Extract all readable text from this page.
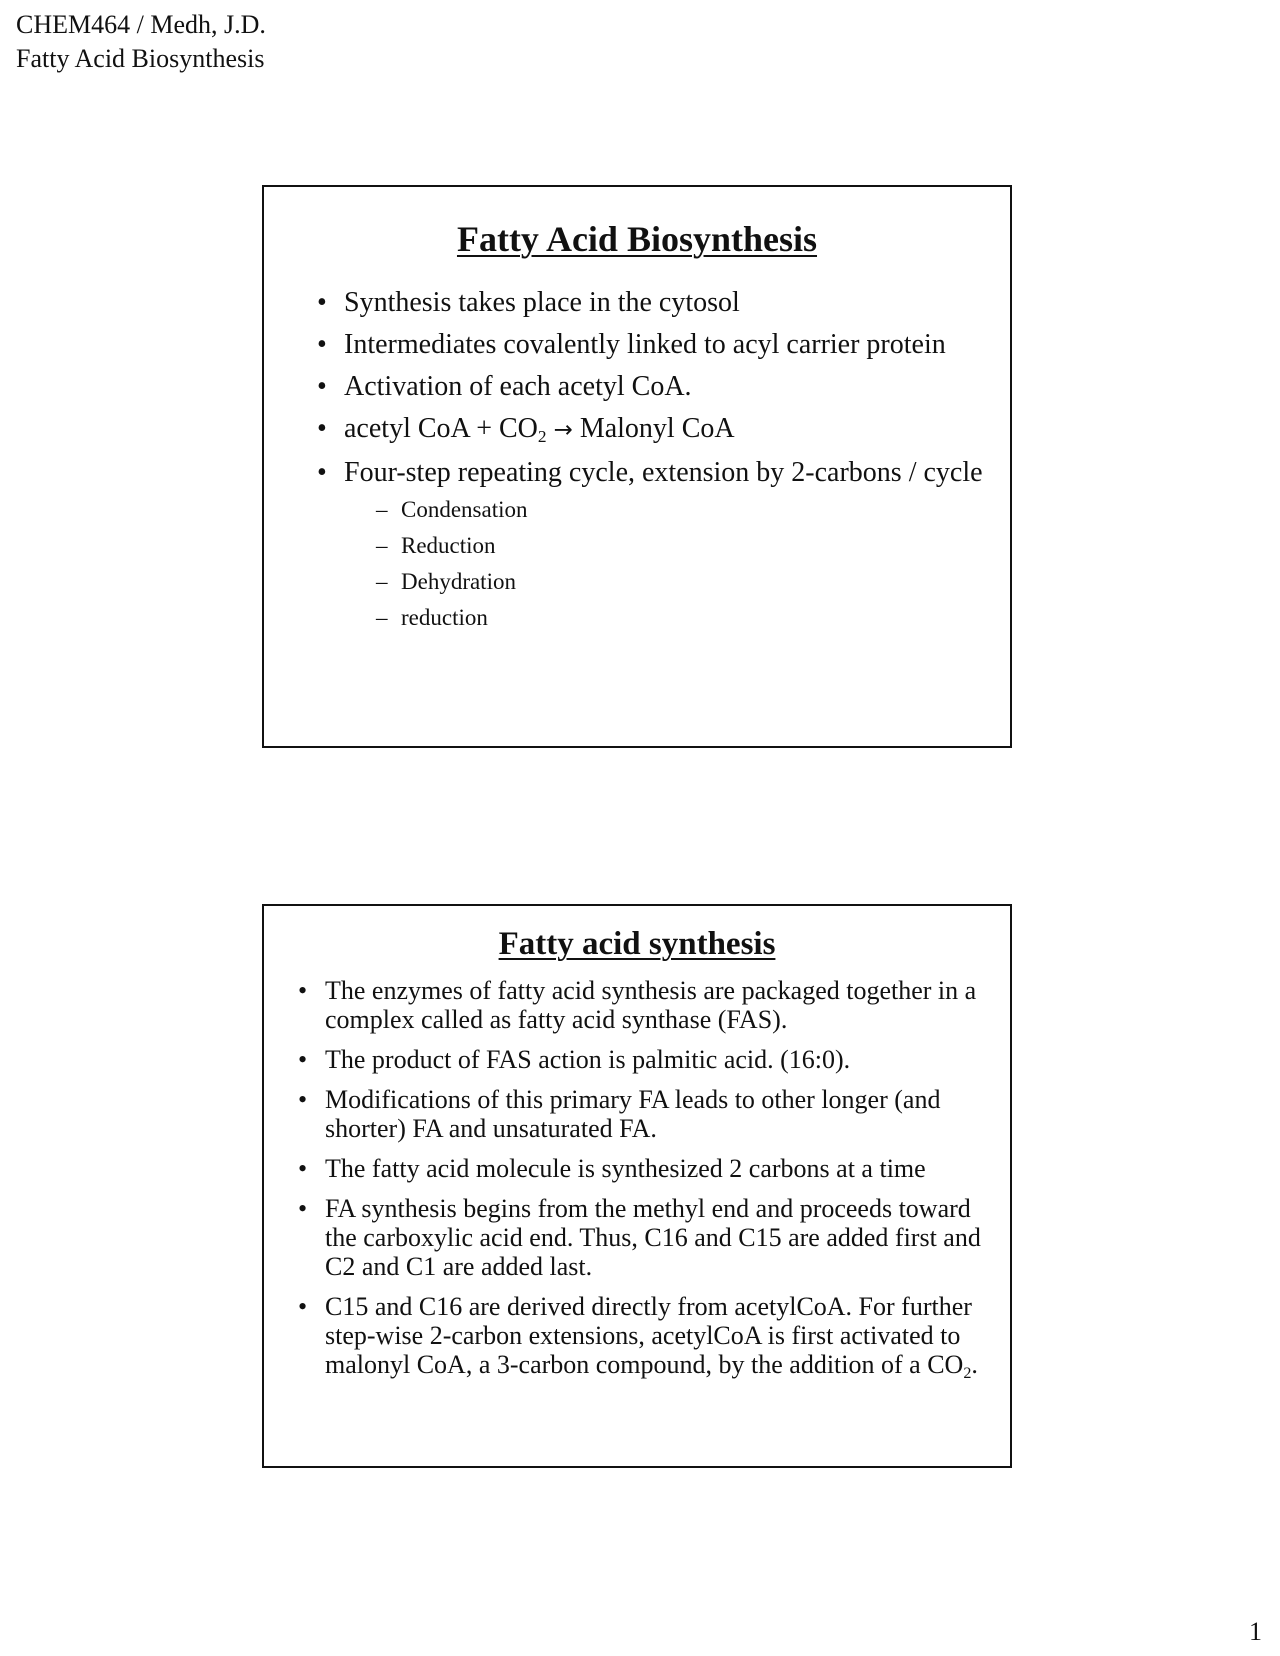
CHEM464 / Medh, J.D.
Fatty Acid Biosynthesis
Fatty Acid Biosynthesis
• Synthesis takes place in the cytosol
• Intermediates covalently linked to acyl carrier protein
• Activation of each acetyl CoA.
• acetyl CoA + $CO_2$ → Malonyl CoA
• Four-step repeating cycle, extension by 2-carbons / cycle
– Condensation
– Reduction
– Dehydration
– reduction
Fatty acid synthesis
• The enzymes of fatty acid synthesis are packaged together in a complex called as fatty acid synthase (FAS).
• The product of FAS action is palmitic acid. (16:0).
• Modifications of this primary FA leads to other longer (and shorter) FA and unsaturated FA.
• The fatty acid molecule is synthesized 2 carbons at a time
• FA synthesis begins from the methyl end and proceeds toward the carboxylic acid end. Thus, C16 and C15 are added first and C2 and C1 are added last.
• C15 and C16 are derived directly from acetylCoA. For further step-wise 2-carbon extensions, acetylCoA is first activated to malonyl CoA, a 3-carbon compound, by the addition of a $CO_2$.
1
